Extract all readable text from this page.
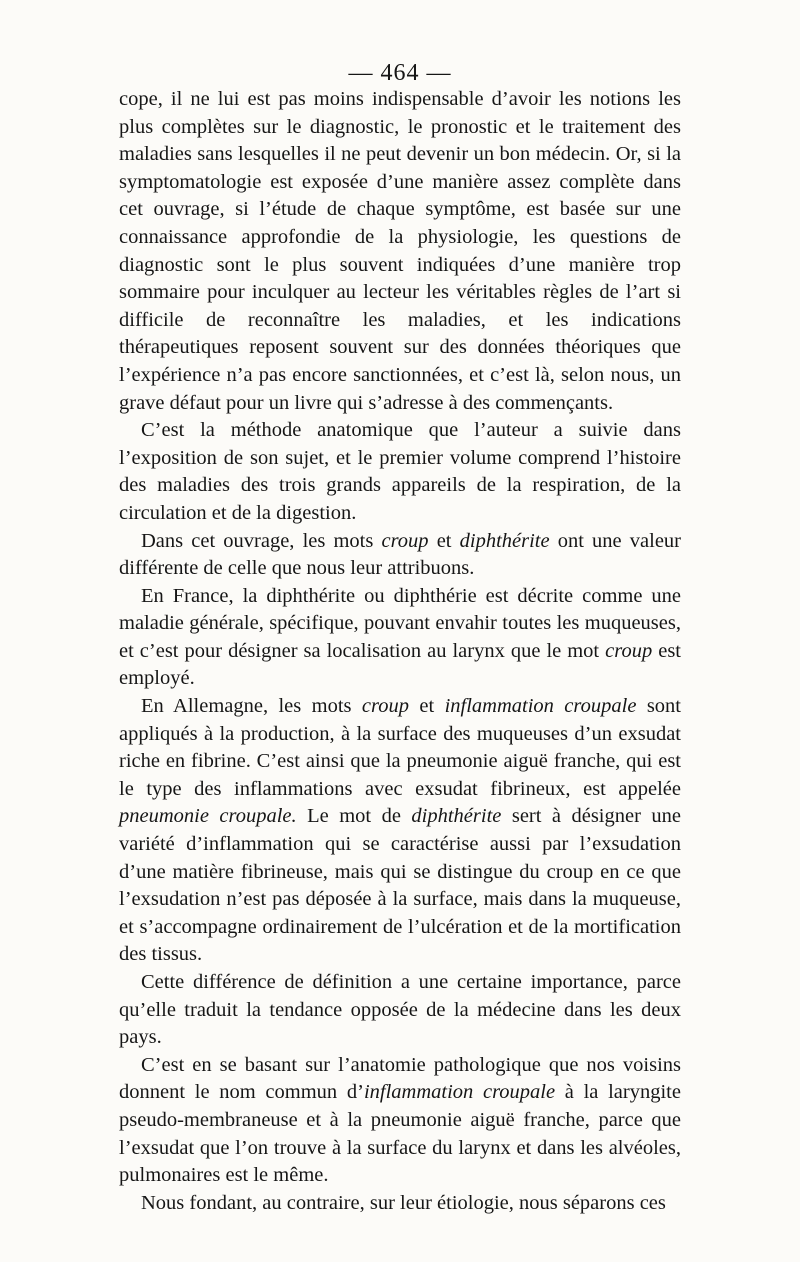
— 464 —

cope, il ne lui est pas moins indispensable d’avoir les notions les plus complètes sur le diagnostic, le pronostic et le traitement des maladies sans lesquelles il ne peut devenir un bon médecin. Or, si la symptomatologie est exposée d’une manière assez complète dans cet ouvrage, si l’étude de chaque symptôme, est basée sur une connaissance approfondie de la physiologie, les questions de diagnostic sont le plus souvent indiquées d’une manière trop sommaire pour inculquer au lecteur les véritables règles de l’art si difficile de reconnaître les maladies, et les indications thérapeutiques reposent souvent sur des données théoriques que l’expérience n’a pas encore sanctionnées, et c’est là, selon nous, un grave défaut pour un livre qui s’adresse à des commençants.

C’est la méthode anatomique que l’auteur a suivie dans l’exposition de son sujet, et le premier volume comprend l’histoire des maladies des trois grands appareils de la respiration, de la circulation et de la digestion.

Dans cet ouvrage, les mots croup et diphthérite ont une valeur différente de celle que nous leur attribuons.

En France, la diphthérite ou diphthérie est décrite comme une maladie générale, spécifique, pouvant envahir toutes les muqueuses, et c’est pour désigner sa localisation au larynx que le mot croup est employé.

En Allemagne, les mots croup et inflammation croupale sont appliqués à la production, à la surface des muqueuses d’un exsudat riche en fibrine. C’est ainsi que la pneumonie aiguë franche, qui est le type des inflammations avec exsudat fibrineux, est appelée pneumonie croupale. Le mot de diphthérite sert à désigner une variété d’inflammation qui se caractérise aussi par l’exsudation d’une matière fibrineuse, mais qui se distingue du croup en ce que l’exsudation n’est pas déposée à la surface, mais dans la muqueuse, et s’accompagne ordinairement de l’ulcération et de la mortification des tissus.

Cette différence de définition a une certaine importance, parce qu’elle traduit la tendance opposée de la médecine dans les deux pays.

C’est en se basant sur l’anatomie pathologique que nos voisins donnent le nom commun d’inflammation croupale à la laryngite pseudo-membraneuse et à la pneumonie aiguë franche, parce que l’exsudat que l’on trouve à la surface du larynx et dans les alvéoles, pulmonaires est le même.

Nous fondant, au contraire, sur leur étiologie, nous séparons ces
